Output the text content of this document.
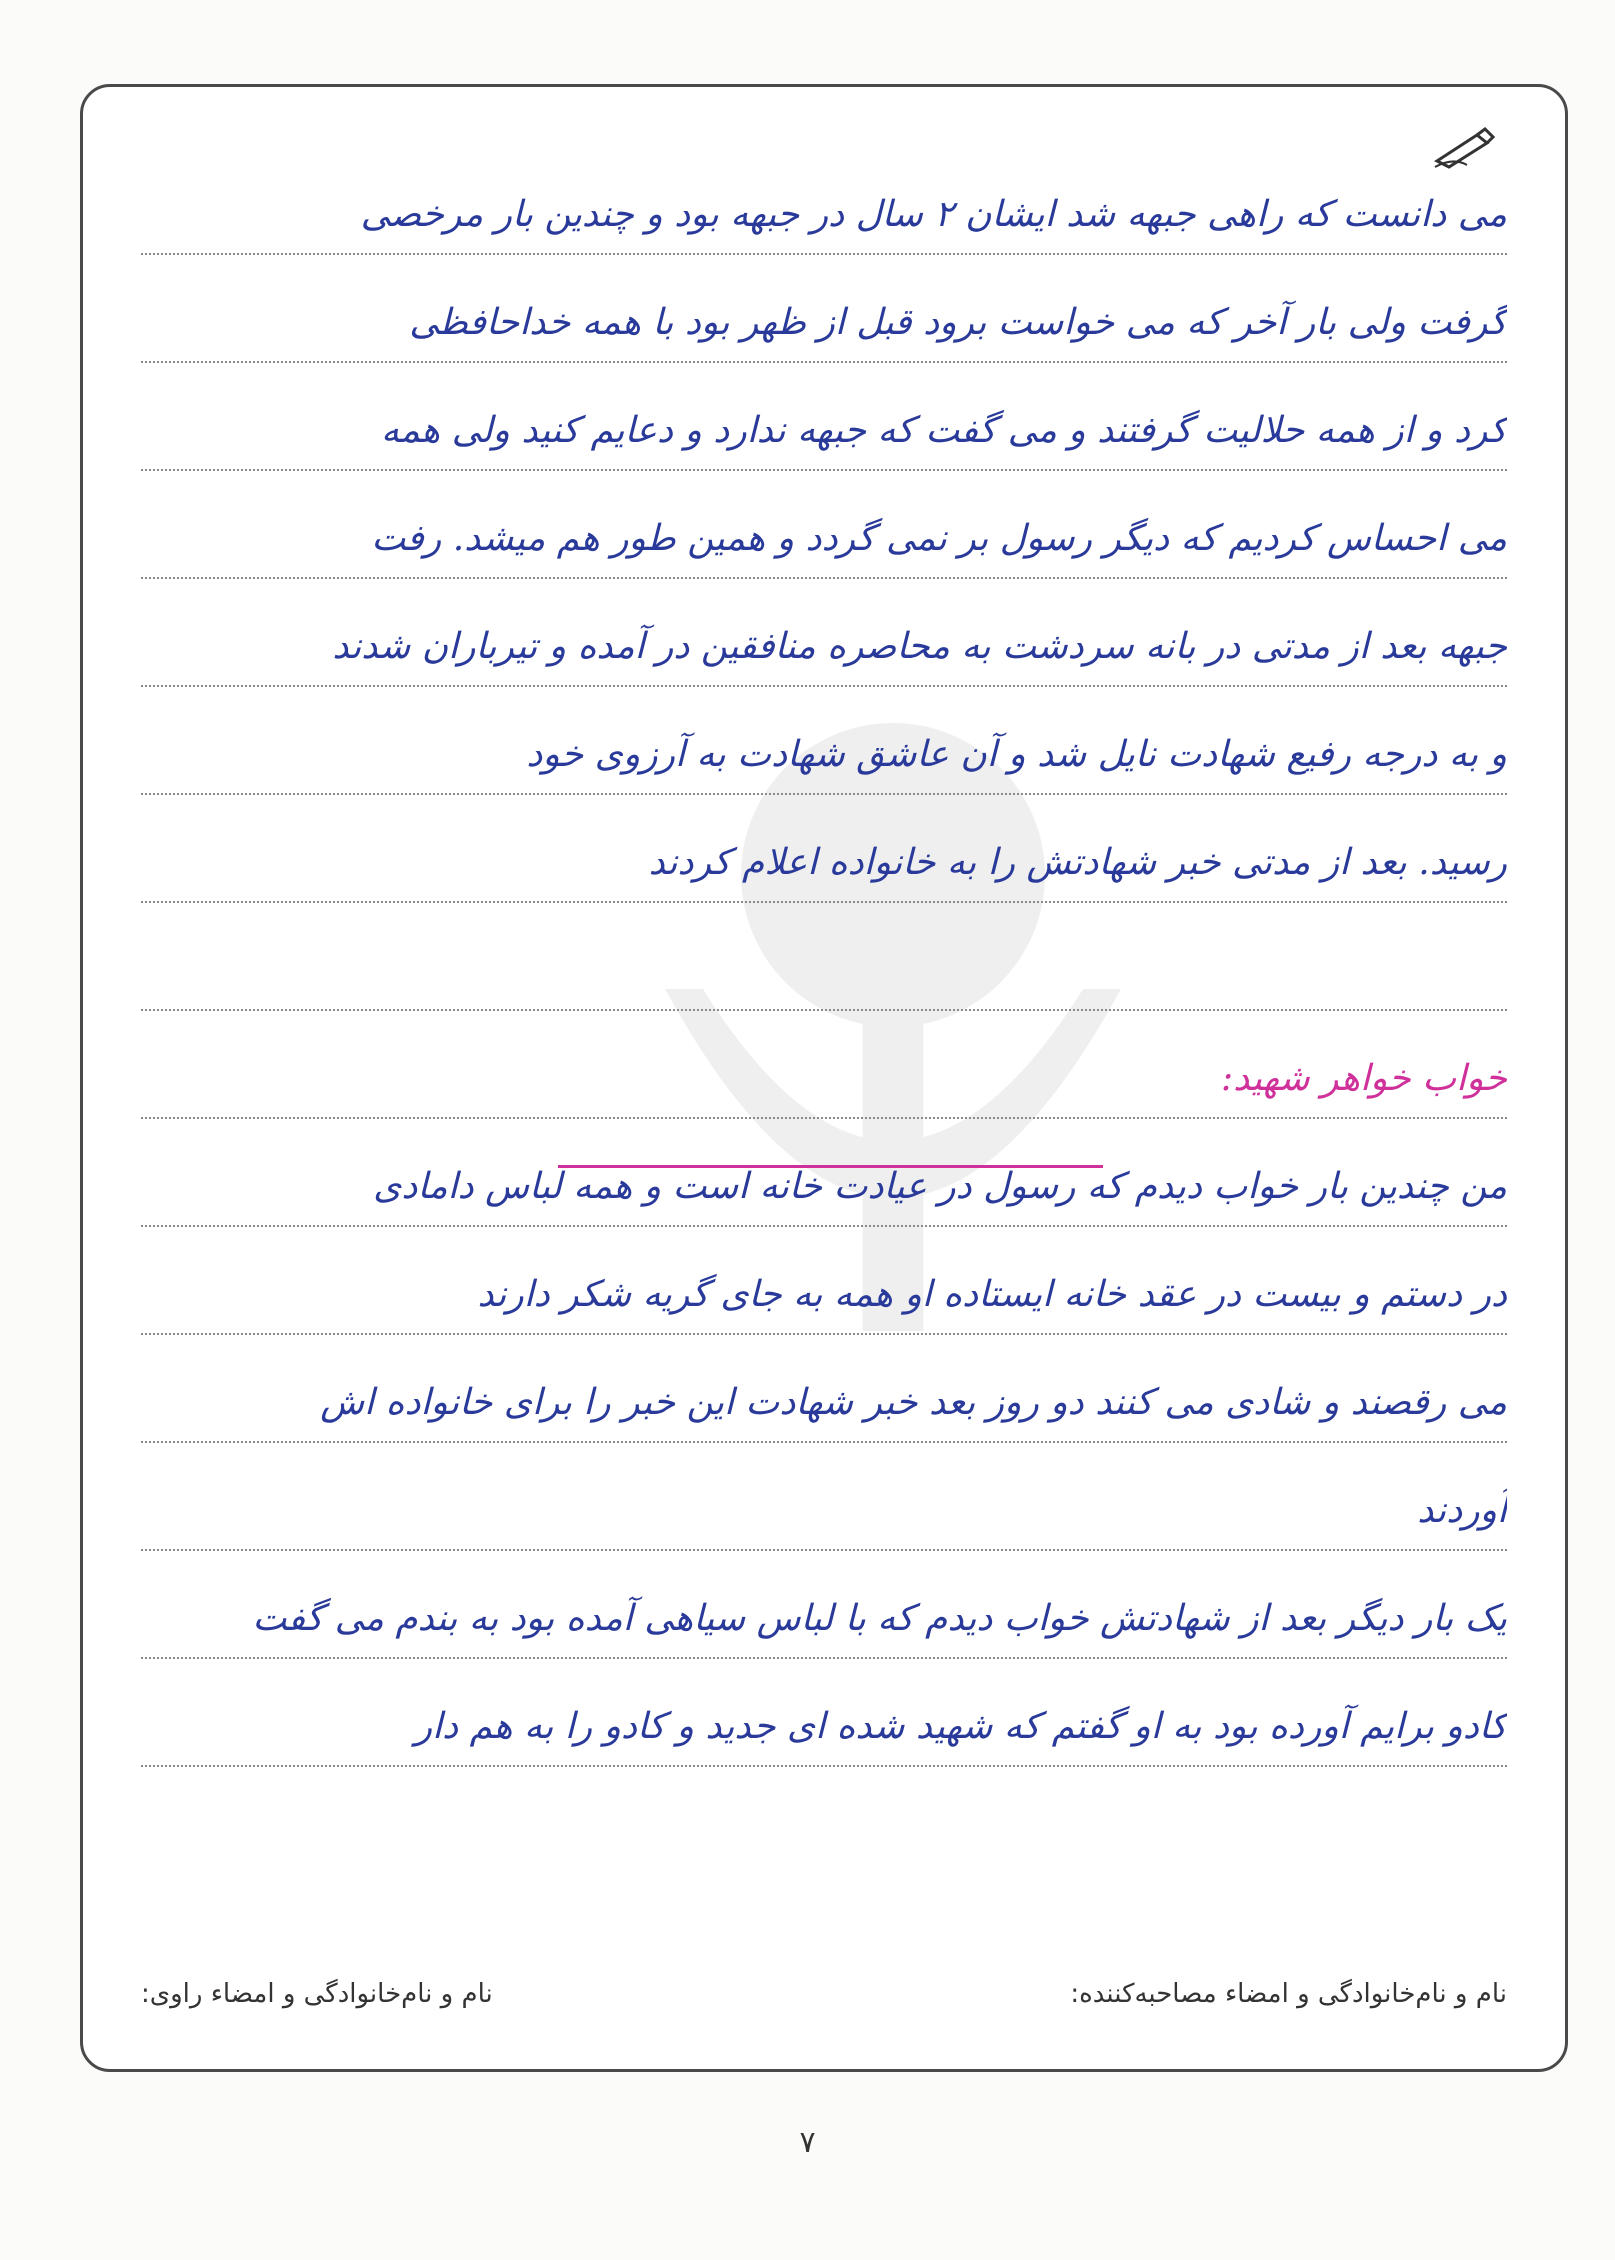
می دانست که راهی جبهه شد ایشان ۲ سال در جبهه بود و چندین بار مرخصی
گرفت ولی بار آخر که می خواست برود قبل از ظهر بود با همه خداحافظی
کرد و از همه حلالیت گرفتند و می گفت که جبهه ندارد و دعایم کنید ولی همه
می احساس کردیم که دیگر رسول بر نمی گردد و همین طور هم میشد. رفت
جبهه بعد از مدتی در بانه سردشت به محاصره منافقین در آمده و تیرباران شدند
و به درجه رفیع شهادت نایل شد و آن عاشق شهادت به آرزوی خود
رسید. بعد از مدتی خبر شهادتش را به خانواده اعلام کردند
خواب خواهر شهید:
من چندین بار خواب دیدم که رسول در عیادت خانه است و همه لباس دامادی
در دستم و بیست در عقد خانه ایستاده او همه به جای گریه شکر دارند
می رقصند و شادی می کنند دو روز بعد خبر شهادت این خبر را برای خانواده اش
آوردند
یک بار دیگر بعد از شهادتش خواب دیدم که با لباس سیاهی آمده بود به بندم می گفت
کادو برایم آورده بود به او گفتم که شهید شده ای جدید و کادو را به هم دار
نام و نام‌خانوادگی و امضاء مصاحبه‌کننده:
نام و نام‌خانوادگی و امضاء راوی:
۷
